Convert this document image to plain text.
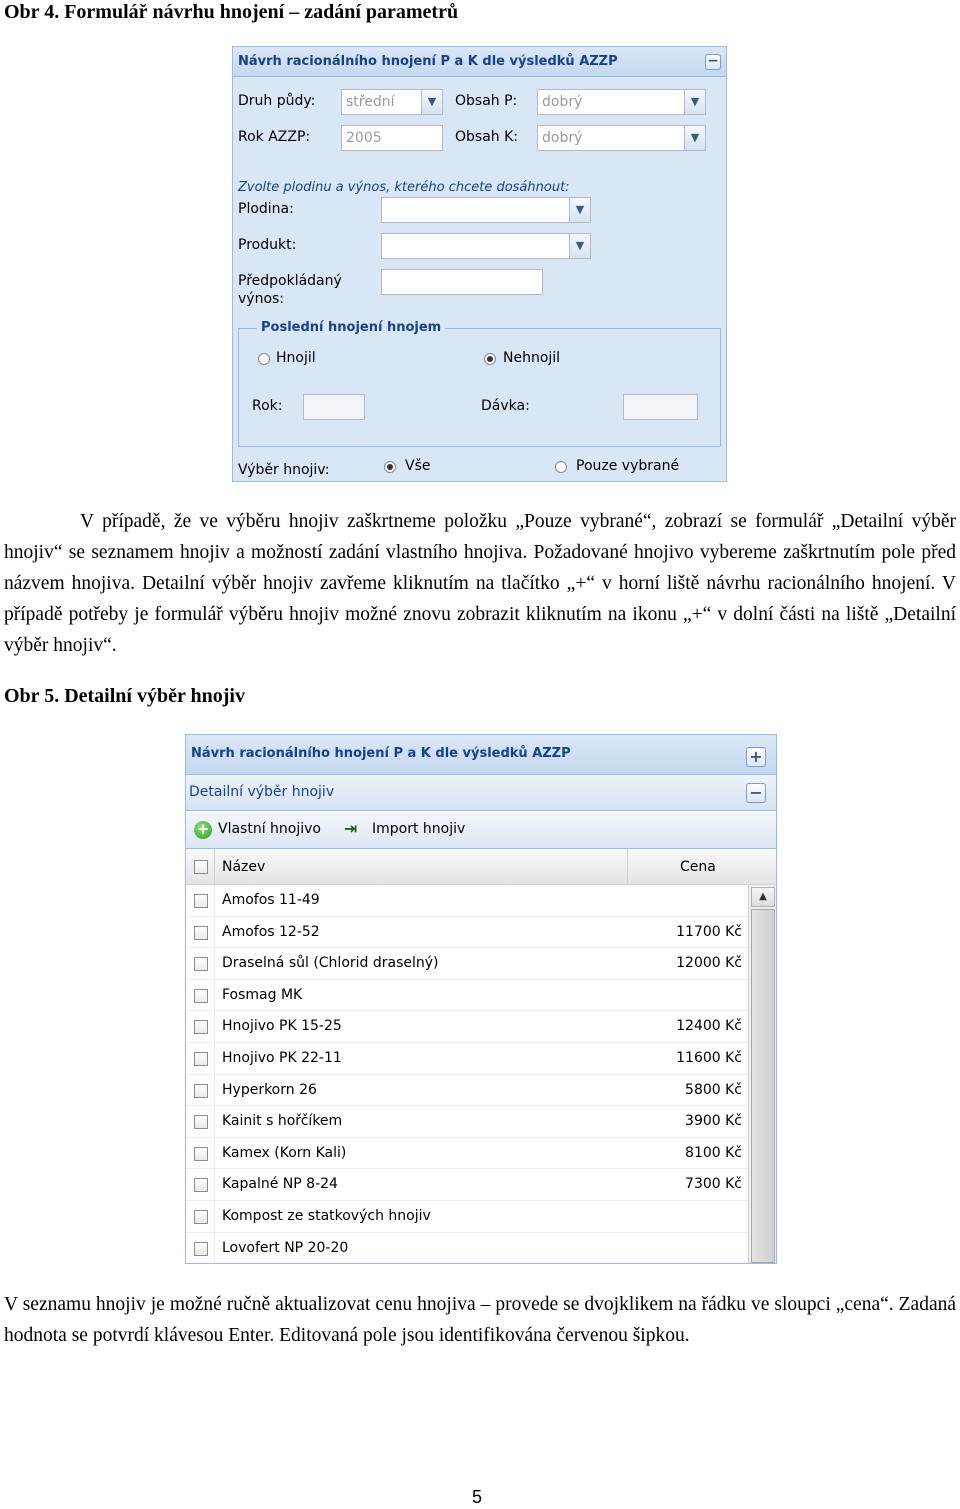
Obr 4. Formulář návrhu hnojení – zadání parametrů
Návrh racionálního hnojení P a K dle výsledků AZZP	−
Druh půdy: střední	▼	Obsah P: dobrý	▼
Rok AZZP:	2005	Obsah K: dobrý	▼
Zvolte plodinu a výnos, kterého chcete dosáhnout:
Plodina:	▼
Produkt:	▼
Předpokládaný
výnos:
Poslední hnojení hnojem
Hnojil	Nehnojil
Rok:	Dávka:
Výběr hnojiv:	Vše	Pouze vybrané

V případě, že ve výběru hnojiv zaškrtneme položku „Pouze vybrané“, zobrazí se formulář „Detailní výběr hnojiv“ se seznamem hnojiv a možností zadání vlastního hnojiva. Požadované hnojivo vybereme zaškrtnutím pole před názvem hnojiva. Detailní výběr hnojiv zavřeme kliknutím na tlačítko „+“ v horní liště návrhu racionálního hnojení. V případě potřeby je formulář výběru hnojiv možné znovu zobrazit kliknutím na ikonu „+“ v dolní části na liště „Detailní výběr hnojiv“.

Obr 5. Detailní výběr hnojiv
Návrh racionálního hnojení P a K dle výsledků AZZP	+
Detailní výběr hnojiv	−
+ Vlastní hnojivo ⇥	Import hnojiv
Název	Cena
Amofos 11-49
Amofos 12-52	11700 Kč
Draselná sůl (Chlorid draselný)	12000 Kč
Fosmag MK
Hnojivo PK 15-25	12400 Kč
Hnojivo PK 22-11	11600 Kč
Hyperkorn 26	5800 Kč
Kainit s hořčíkem	3900 Kč
Kamex (Korn Kali)	8100 Kč
Kapalné NP 8-24	7300 Kč
Kompost ze statkových hnojiv
Lovofert NP 20-20
▲

V seznamu hnojiv je možné ručně aktualizovat cenu hnojiva – provede se dvojklikem na řádku ve sloupci „cena“. Zadaná hodnota se potvrdí klávesou Enter. Editovaná pole jsou identifikována červenou šipkou.

5
